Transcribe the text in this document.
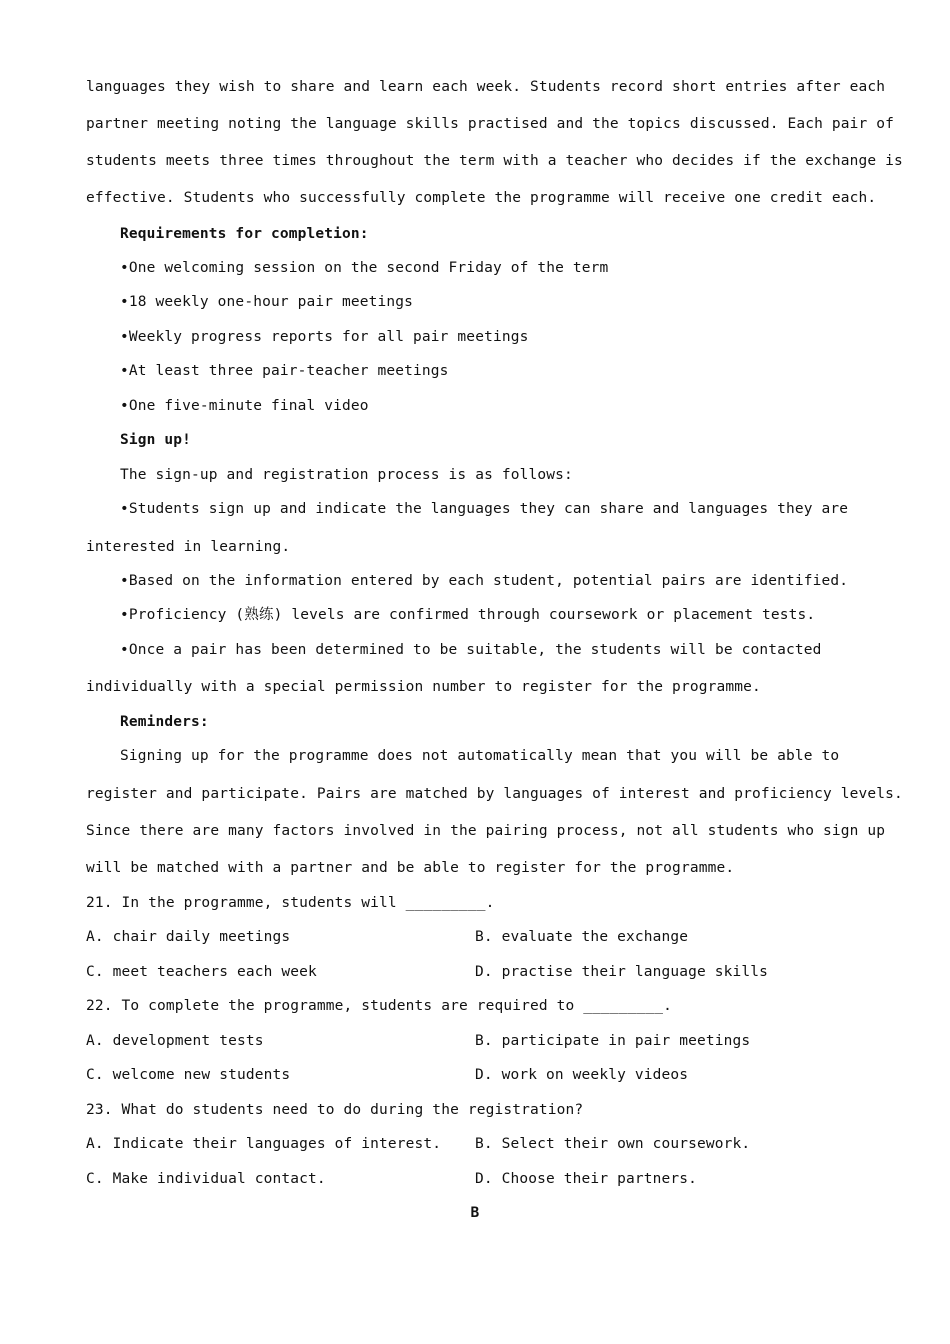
languages they wish to share and learn each week. Students record short entries after each
partner meeting noting the language skills practised and the topics discussed. Each pair of
students meets three times throughout the term with a teacher who decides if the exchange is
effective. Students who successfully complete the programme will receive one credit each.
Requirements for completion:
•One welcoming session on the second Friday of the term
•18 weekly one-hour pair meetings
•Weekly progress reports for all pair meetings
•At least three pair-teacher meetings
•One five-minute final video
Sign up!
The sign-up and registration process is as follows:
•Students sign up and indicate the languages they can share and languages they are
interested in learning.
•Based on the information entered by each student, potential pairs are identified.
•Proficiency (熟练) levels are confirmed through coursework or placement tests.
•Once a pair has been determined to be suitable, the students will be contacted
individually with a special permission number to register for the programme.
Reminders:
Signing up for the programme does not automatically mean that you will be able to
register and participate. Pairs are matched by languages of interest and proficiency levels.
Since there are many factors involved in the pairing process, not all students who sign up
will be matched with a partner and be able to register for the programme.
21. In the programme, students will _________.
A. chair daily meetings	B. evaluate the exchange
C. meet teachers each week	D. practise their language skills
22. To complete the programme, students are required to _________.
A. development tests	B. participate in pair meetings
C. welcome new students	D. work on weekly videos
23. What do students need to do during the registration?
A. Indicate their languages of interest. B. Select their own coursework.
C. Make individual contact.	D. Choose their partners.
B
